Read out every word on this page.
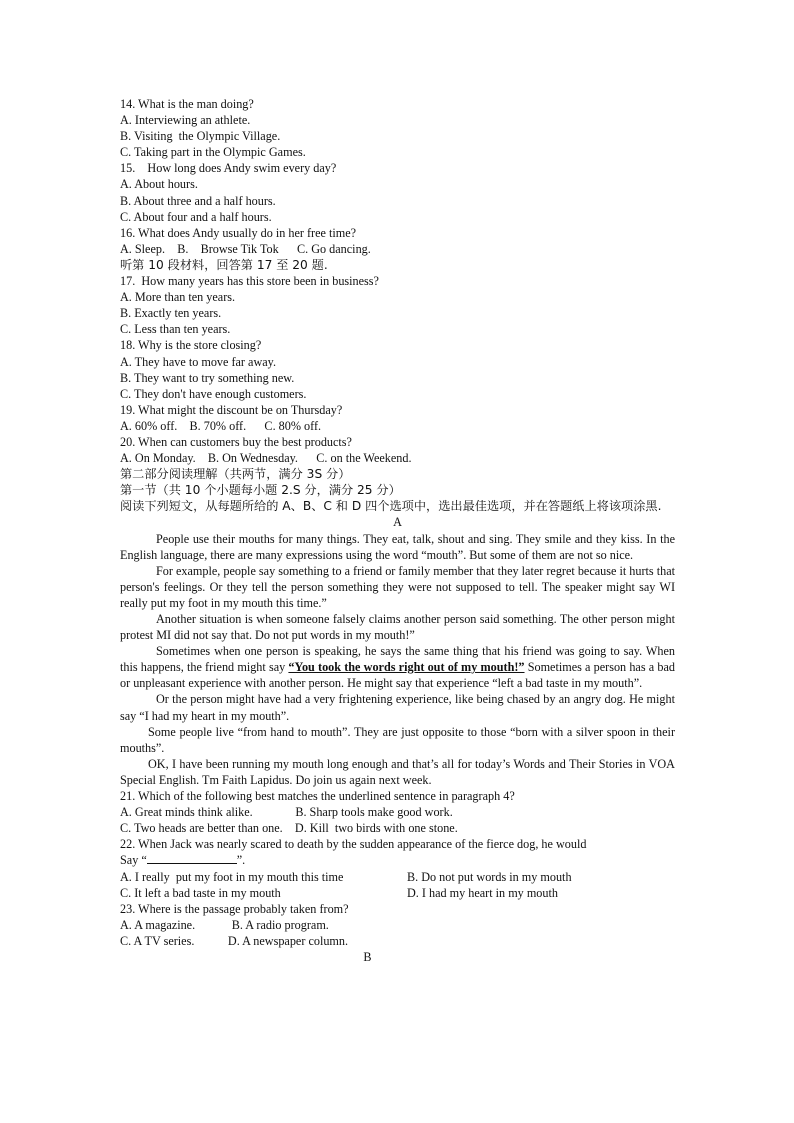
14. What is the man doing?
A. Interviewing an athlete.
B. Visiting  the Olympic Village.
C. Taking part in the Olympic Games.
15.    How long does Andy swim every day?
A. About hours.
B. About three and a half hours.
C. About four and a half hours.
16. What does Andy usually do in her free time?
A. Sleep.    B.    Browse Tik Tok      C. Go dancing.
听第 10 段材料，回答第 17 至 20 题.
17.  How many years has this store been in business?
A. More than ten years.
B. Exactly ten years.
C. Less than ten years.
18. Why is the store closing?
A. They have to move far away.
B. They want to try something new.
C. They don't have enough customers.
19. What might the discount be on Thursday?
A. 60% off.    B. 70% off.      C. 80% off.
20. When can customers buy the best products?
A. On Monday.    B. On Wednesday.      C. on the Weekend.
第二部分阅读理解（共两节，满分 3S 分）
第一节（共 10 个小题每小题 2.S 分，满分 25 分）
阅读下列短文，从每题所给的 A、B、C 和 D 四个选项中，选出最佳选项，并在答题纸上将该项涂黑.
A
People use their mouths for many things. They eat, talk, shout and sing. They smile and they kiss. In the English language, there are many expressions using the word “mouth”. But some of them are not so nice.
For example, people say something to a friend or family member that they later regret because it hurts that person's feelings. Or they tell the person something they were not supposed to tell. The speaker might say WI really put my foot in my mouth this time.”
Another situation is when someone falsely claims another person said something. The other person might protest MI did not say that. Do not put words in my mouth!”
Sometimes when one person is speaking, he says the same thing that his friend was going to say. When this happens, the friend might say “You took the words right out of my mouth!” Sometimes a person has a bad or unpleasant experience with another person. He might say that experience “left a bad taste in my mouth”.
Or the person might have had a very frightening experience, like being chased by an angry dog. He might say “I had my heart in my mouth”.
Some people live “from hand to mouth”. They are just opposite to those “born with a silver spoon in their mouths”.
OK, I have been running my mouth long enough and that’s all for today’s Words and Their Stories in VOA Special English. Tm Faith Lapidus. Do join us again next week.
21. Which of the following best matches the underlined sentence in paragraph 4?
A. Great minds think alike.              B. Sharp tools make good work.
C. Two heads are better than one.    D. Kill  two birds with one stone.
22. When Jack was nearly scared to death by the sudden appearance of the fierce dog, he would
Say “	”.
A. I really  put my foot in my mouth this time	B. Do not put words in my mouth
C. It left a bad taste in my mouth	D. I had my heart in my mouth
23. Where is the passage probably taken from?
A. A magazine.            B. A radio program.
C. A TV series.           D. A newspaper column.
B
